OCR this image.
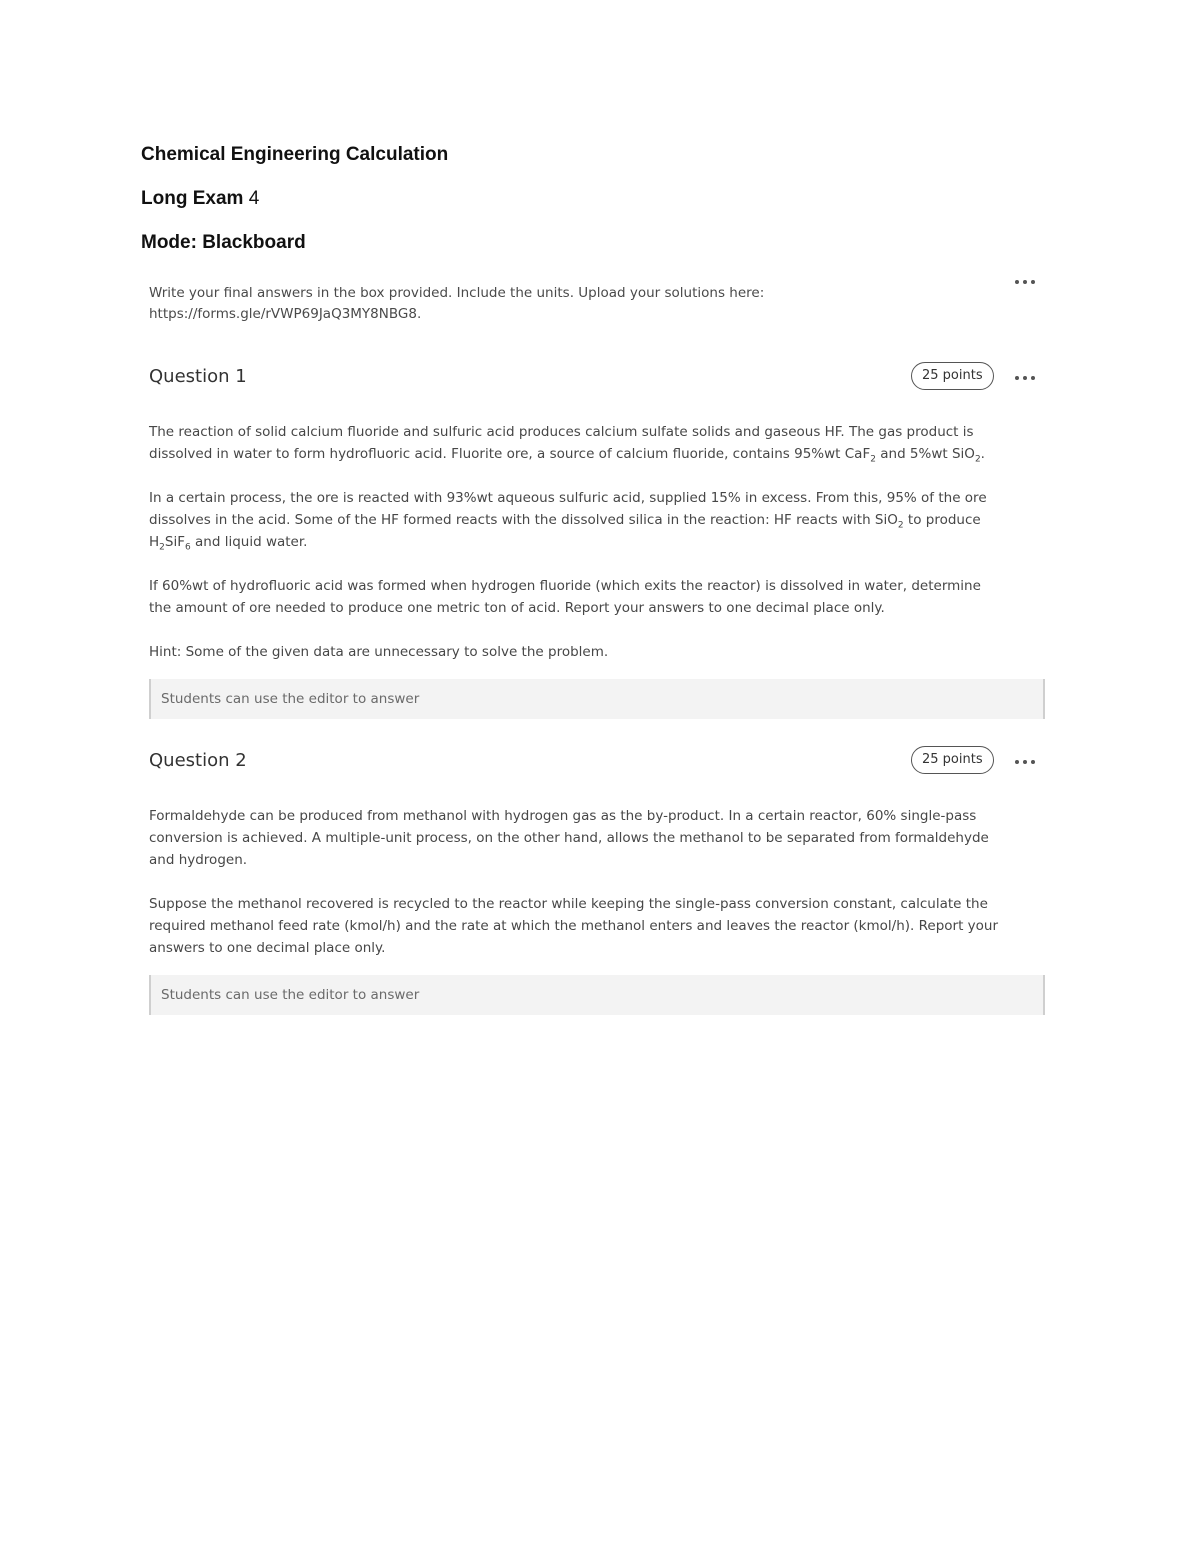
Chemical Engineering Calculation
Long Exam 4
Mode: Blackboard
Write your final answers in the box provided. Include the units. Upload your solutions here:
https://forms.gle/rVWP69JaQ3MY8NBG8.
Question 1	25 points

The reaction of solid calcium fluoride and sulfuric acid produces calcium sulfate solids and gaseous HF. The gas product is dissolved in water to form hydrofluoric acid. Fluorite ore, a source of calcium fluoride, contains 95%wt CaF$_2$ and 5%wt SiO$_2$.

In a certain process, the ore is reacted with 93%wt aqueous sulfuric acid, supplied 15% in excess. From this, 95% of the ore dissolves in the acid. Some of the HF formed reacts with the dissolved silica in the reaction: HF reacts with SiO$_2$ to produce $H_2SiF_6$ and liquid water.

If 60%wt of hydrofluoric acid was formed when hydrogen fluoride (which exits the reactor) is dissolved in water, determine the amount of ore needed to produce one metric ton of acid. Report your answers to one decimal place only.

Hint: Some of the given data are unnecessary to solve the problem.

Students can use the editor to answer
Question 2	25 points

Formaldehyde can be produced from methanol with hydrogen gas as the by-product. In a certain reactor, 60% single-pass conversion is achieved. A multiple-unit process, on the other hand, allows the methanol to be separated from formaldehyde and hydrogen.

Suppose the methanol recovered is recycled to the reactor while keeping the single-pass conversion constant, calculate the required methanol feed rate (kmol/h) and the rate at which the methanol enters and leaves the reactor (kmol/h). Report your answers to one decimal place only.

Students can use the editor to answer
